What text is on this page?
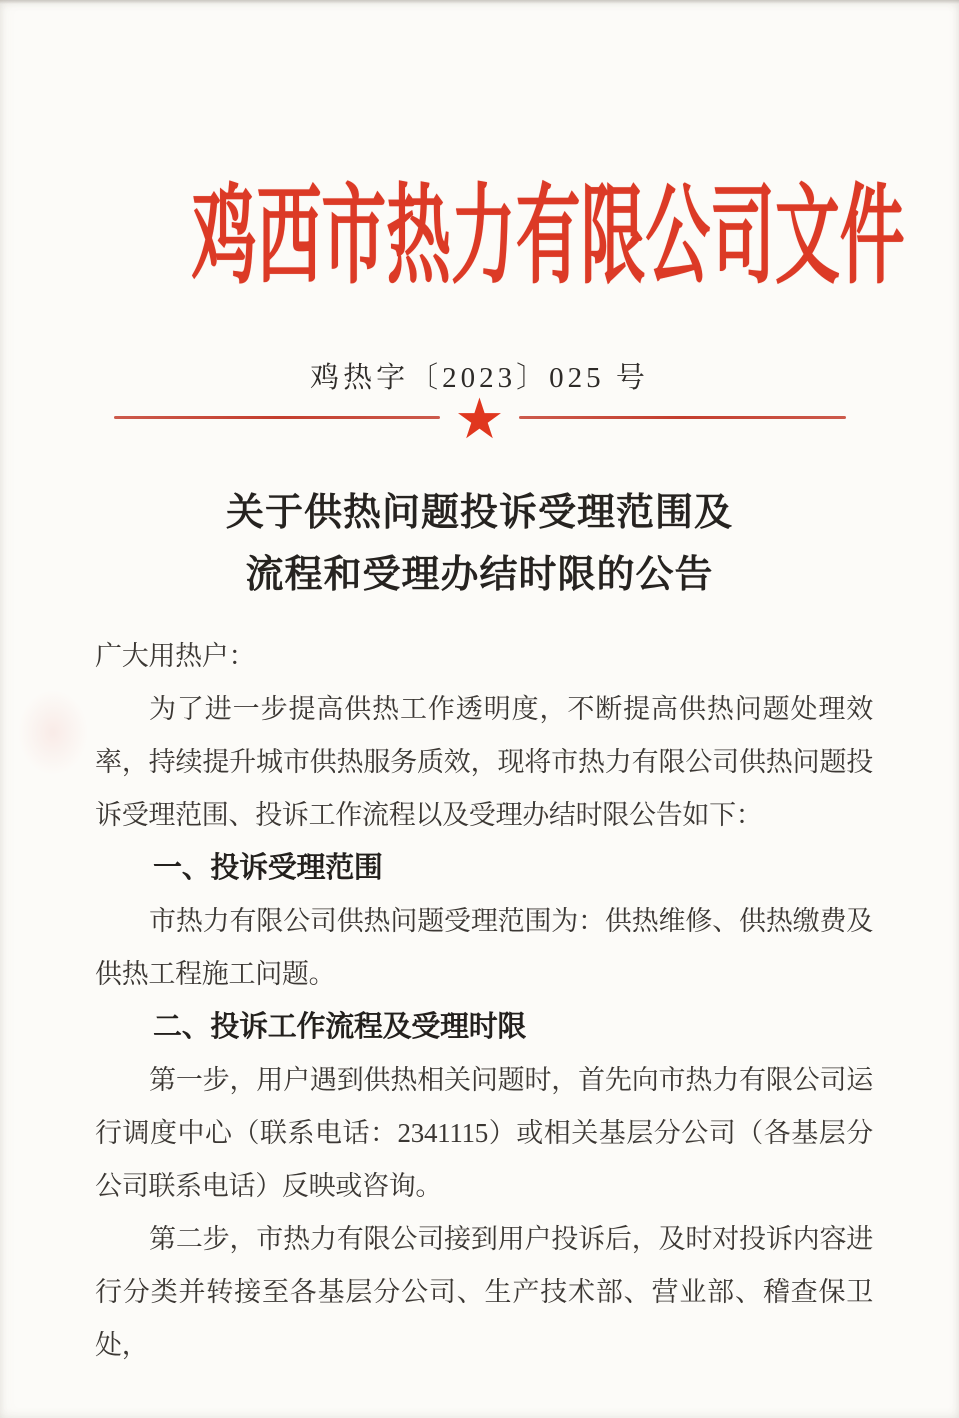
鸡西市热力有限公司文件
鸡热字〔2023〕025 号
★
关于供热问题投诉受理范围及
流程和受理办结时限的公告

广大用热户：

为了进一步提高供热工作透明度，不断提高供热问题处理效率，持续提升城市供热服务质效，现将市热力有限公司供热问题投诉受理范围、投诉工作流程以及受理办结时限公告如下：

一、投诉受理范围

市热力有限公司供热问题受理范围为：供热维修、供热缴费及供热工程施工问题。

二、投诉工作流程及受理时限

第一步，用户遇到供热相关问题时，首先向市热力有限公司运行调度中心（联系电话：2341115）或相关基层分公司（各基层分公司联系电话）反映或咨询。

第二步，市热力有限公司接到用户投诉后，及时对投诉内容进行分类并转接至各基层分公司、生产技术部、营业部、稽查保卫处，
